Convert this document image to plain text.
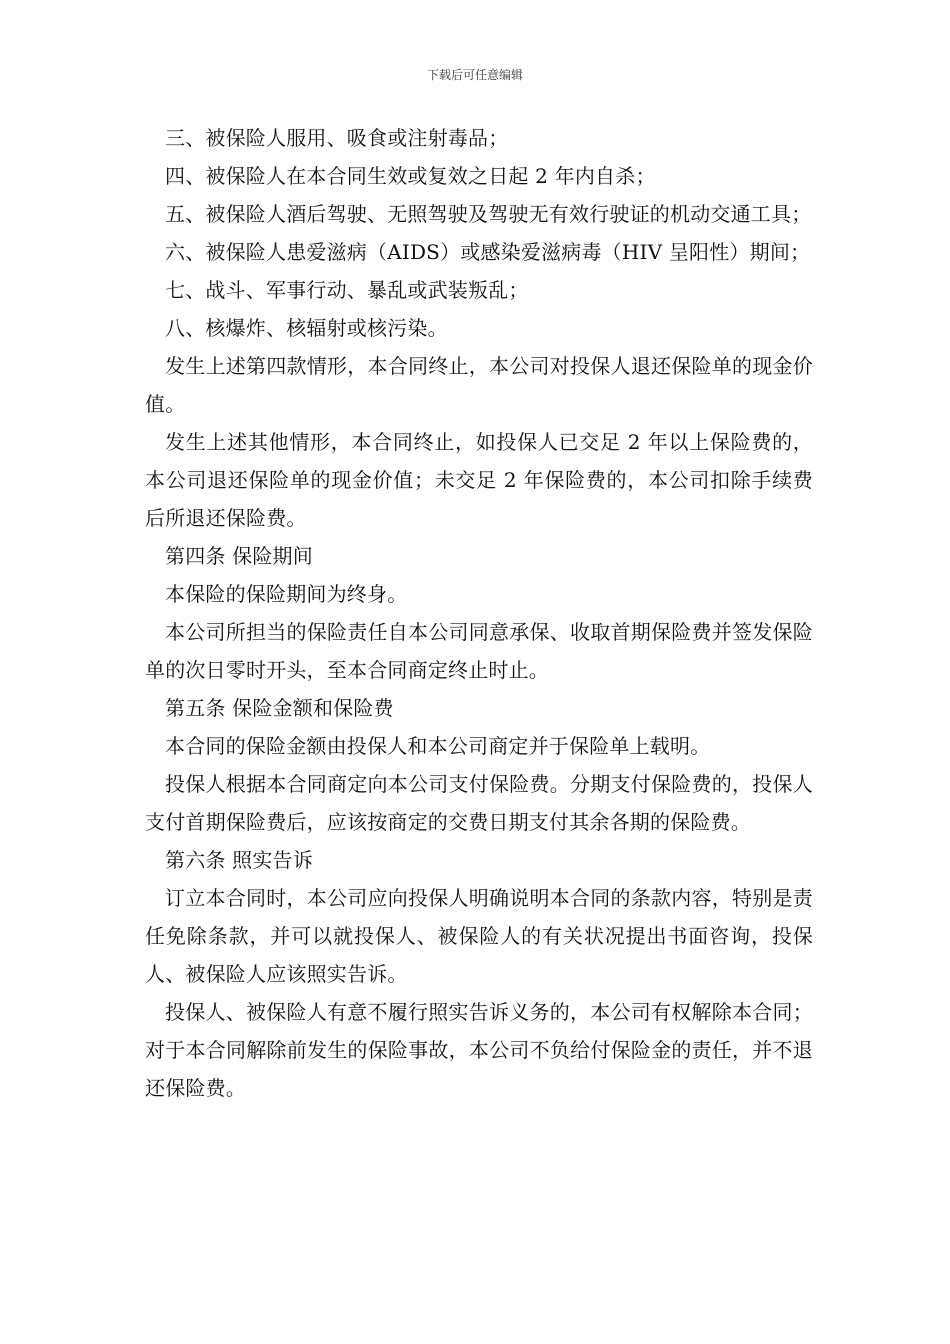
下载后可任意编辑

三、被保险人服用、吸食或注射毒品；

四、被保险人在本合同生效或复效之日起 2 年内自杀；

五、被保险人酒后驾驶、无照驾驶及驾驶无有效行驶证的机动交通工具；

六、被保险人患爱滋病（AIDS）或感染爱滋病毒（HIV 呈阳性）期间；

七、战斗、军事行动、暴乱或武装叛乱；

八、核爆炸、核辐射或核污染。

发生上述第四款情形，本合同终止，本公司对投保人退还保险单的现金价值。

发生上述其他情形，本合同终止，如投保人已交足 2 年以上保险费的，本公司退还保险单的现金价值；未交足 2 年保险费的，本公司扣除手续费后所退还保险费。

第四条 保险期间

本保险的保险期间为终身。

本公司所担当的保险责任自本公司同意承保、收取首期保险费并签发保险单的次日零时开头，至本合同商定终止时止。

第五条 保险金额和保险费

本合同的保险金额由投保人和本公司商定并于保险单上载明。

投保人根据本合同商定向本公司支付保险费。分期支付保险费的，投保人支付首期保险费后，应该按商定的交费日期支付其余各期的保险费。

第六条 照实告诉

订立本合同时，本公司应向投保人明确说明本合同的条款内容，特别是责任免除条款，并可以就投保人、被保险人的有关状况提出书面咨询，投保人、被保险人应该照实告诉。

投保人、被保险人有意不履行照实告诉义务的，本公司有权解除本合同；对于本合同解除前发生的保险事故，本公司不负给付保险金的责任，并不退还保险费。
